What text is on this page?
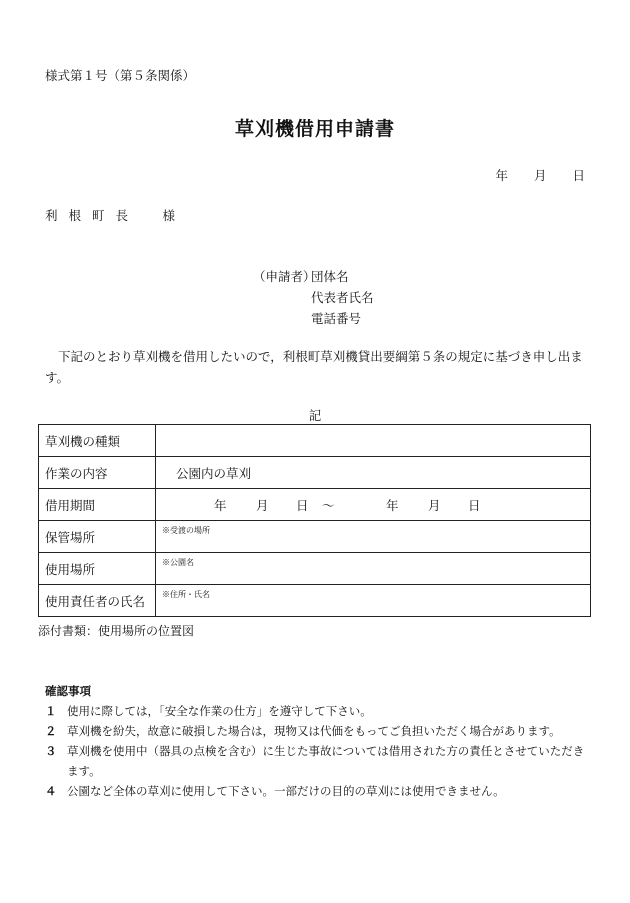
様式第１号（第５条関係）
草刈機借用申請書
年 月 日
利根町長　様
（申請者）団体名
代表者氏名
電話番号
下記のとおり草刈機を借用したいので，利根町草刈機貸出要綱第５条の規定に基づき申し出ます。
記
草刈機の種類	
作業の内容	公園内の草刈
借用期間	年 月 日 〜 年 月 日
保管場所	※受渡の場所

使用場所	※公園名

使用責任者の氏名	※住所・氏名
添付書類：使用場所の位置図
確認事項
１ 使用に際しては，「安全な作業の仕方」を遵守して下さい。
２ 草刈機を紛失，故意に破損した場合は，現物又は代価をもってご負担いただく場合があります。
３ 草刈機を使用中（器具の点検を含む）に生じた事故については借用された方の責任とさせていただきます。
４ 公園など全体の草刈に使用して下さい。一部だけの目的の草刈には使用できません。
